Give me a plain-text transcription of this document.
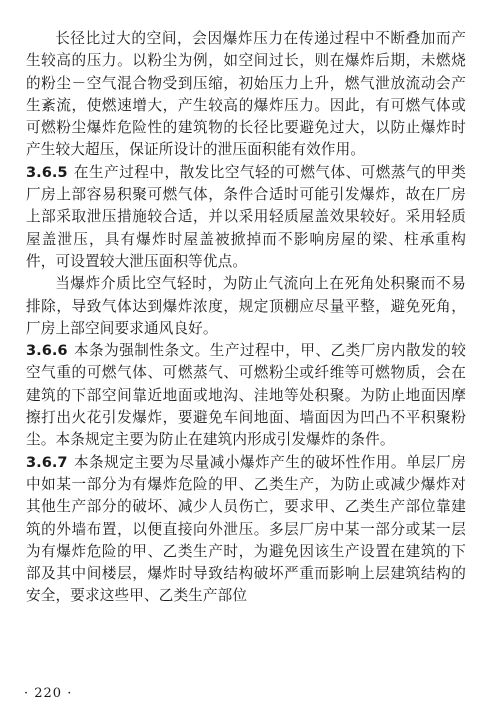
长径比过大的空间，会因爆炸压力在传递过程中不断叠加而产生较高的压力。以粉尘为例，如空间过长，则在爆炸后期，未燃烧的粉尘－空气混合物受到压缩，初始压力上升，燃气泄放流动会产生紊流，使燃速增大，产生较高的爆炸压力。因此，有可燃气体或可燃粉尘爆炸危险性的建筑物的长径比要避免过大，以防止爆炸时产生较大超压，保证所设计的泄压面积能有效作用。

3.6.5 在生产过程中，散发比空气轻的可燃气体、可燃蒸气的甲类厂房上部容易积聚可燃气体，条件合适时可能引发爆炸，故在厂房上部采取泄压措施较合适，并以采用轻质屋盖效果较好。采用轻质屋盖泄压，具有爆炸时屋盖被掀掉而不影响房屋的梁、柱承重构件，可设置较大泄压面积等优点。

当爆炸介质比空气轻时，为防止气流向上在死角处积聚而不易排除，导致气体达到爆炸浓度，规定顶棚应尽量平整，避免死角，厂房上部空间要求通风良好。

3.6.6 本条为强制性条文。生产过程中，甲、乙类厂房内散发的较空气重的可燃气体、可燃蒸气、可燃粉尘或纤维等可燃物质，会在建筑的下部空间靠近地面或地沟、洼地等处积聚。为防止地面因摩擦打出火花引发爆炸，要避免车间地面、墙面因为凹凸不平积聚粉尘。本条规定主要为防止在建筑内形成引发爆炸的条件。

3.6.7 本条规定主要为尽量减小爆炸产生的破坏性作用。单层厂房中如某一部分为有爆炸危险的甲、乙类生产，为防止或减少爆炸对其他生产部分的破坏、减少人员伤亡，要求甲、乙类生产部位靠建筑的外墙布置，以便直接向外泄压。多层厂房中某一部分或某一层为有爆炸危险的甲、乙类生产时，为避免因该生产设置在建筑的下部及其中间楼层，爆炸时导致结构破坏严重而影响上层建筑结构的安全，要求这些甲、乙类生产部位

· 220 ·
